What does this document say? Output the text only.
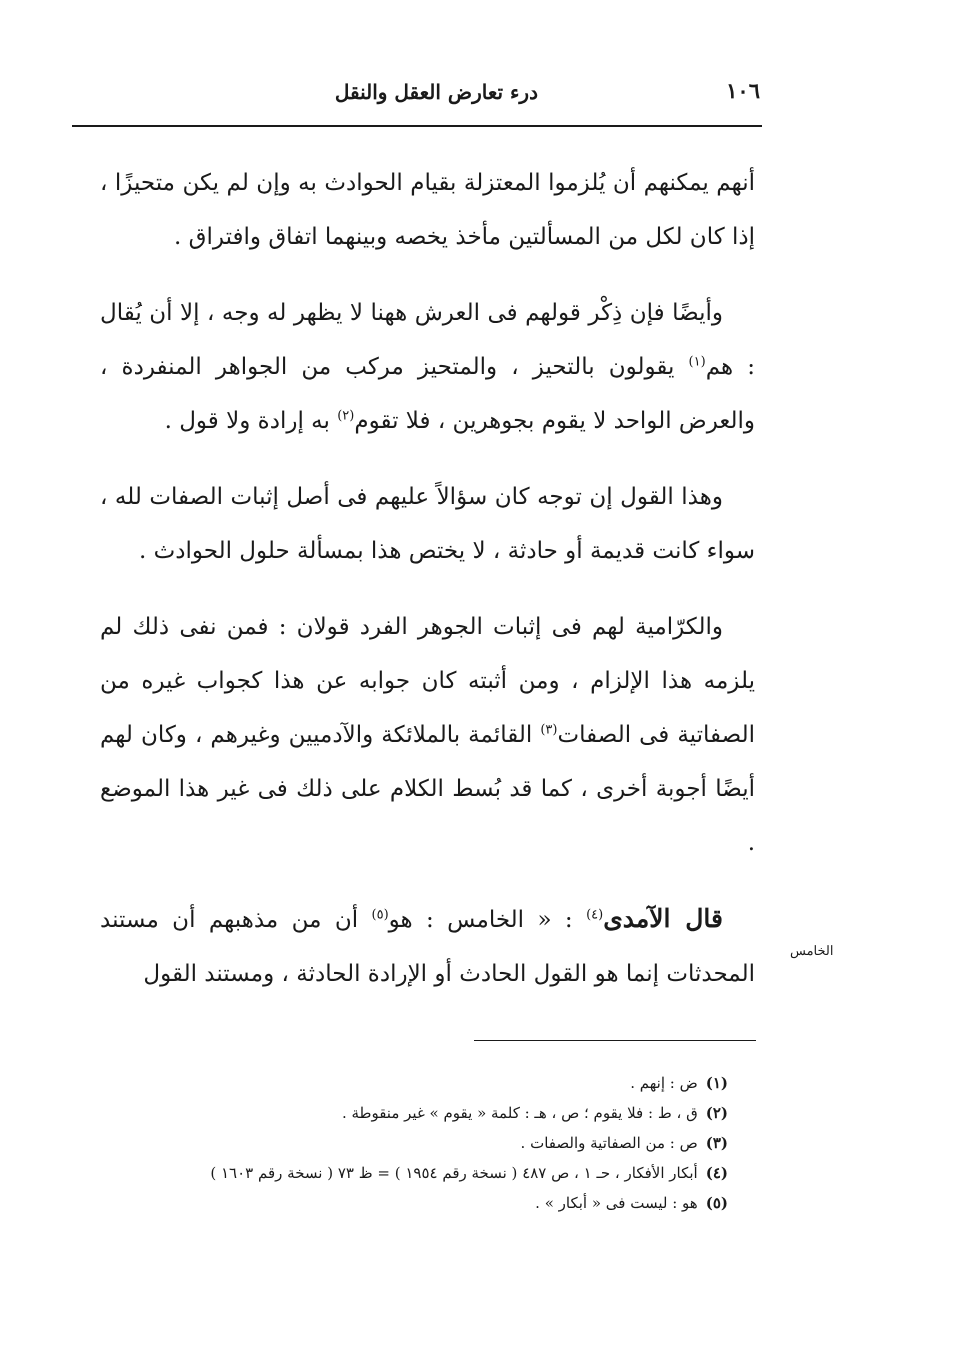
١٠٦
درء تعارض العقل والنقل

أنهم يمكنهم أن يُلزموا المعتزلة بقيام الحوادث به وإن لم يكن متحيزًا ، إذا كان لكل من المسألتين مأخذ يخصه وبينهما اتفاق وافتراق .

وأيضًا فإن ذِكْر قولهم فى العرش ههنا لا يظهر له وجه ، إلا أن يُقال : هم$^{(١)}$ يقولون بالتحيز ، والمتحيز مركب من الجواهر المنفردة ، والعرض الواحد لا يقوم بجوهرين ، فلا تقوم$^{(٢)}$ به إرادة ولا قول .

وهذا القول إن توجه كان سؤالاً عليهم فى أصل إثبات الصفات لله ، سواء كانت قديمة أو حادثة ، لا يختص هذا بمسألة حلول الحوادث .

والكرّامية لهم فى إثبات الجوهر الفرد قولان : فمن نفى ذلك لم يلزمه هذا الإلزام ، ومن أثبته كان جوابه عن هذا كجواب غيره من الصفاتية فى الصفات$^{(٣)}$ القائمة بالملائكة والآدميين وغيرهم ، وكان لهم أيضًا أجوبة أخرى ، كما قد بُسط الكلام على ذلك فى غير هذا الموضع .

قال الآمدى$^{(٤)}$ : « الخامس : هو$^{(٥)}$ أن من مذهبهم أن مستند المحدثات إنما هو القول الحادث أو الإرادة الحادثة ، ومستند القول

الخامس

(١)ض : إنهم .

(٢)ق ، ط : فلا يقوم ؛ ص ، هـ : كلمة « يقوم » غير منقوطة .

(٣)ص : من الصفاتية والصفات .

(٤)أبكار الأفكار ، حـ ١ ، ص ٤٨٧ ( نسخة رقم ١٩٥٤ ) = ظ ٧٣ ( نسخة رقم ١٦٠٣ )

(٥)هو : ليست فى « أبكار » .
